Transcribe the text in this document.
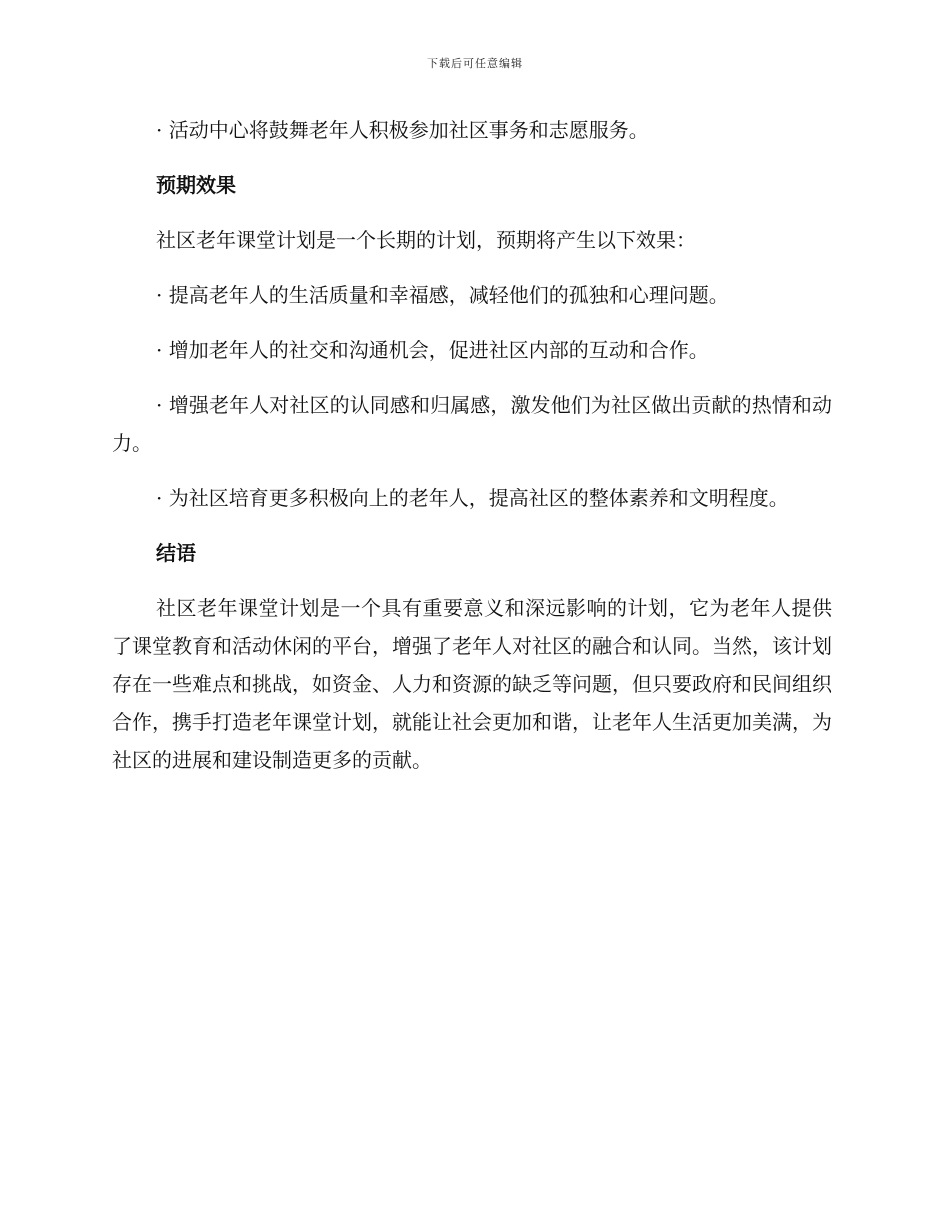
下载后可任意编辑

· 活动中心将鼓舞老年人积极参加社区事务和志愿服务。

预期效果

社区老年课堂计划是一个长期的计划，预期将产生以下效果：

· 提高老年人的生活质量和幸福感，减轻他们的孤独和心理问题。

· 增加老年人的社交和沟通机会，促进社区内部的互动和合作。

· 增强老年人对社区的认同感和归属感，激发他们为社区做出贡献的热情和动力。

· 为社区培育更多积极向上的老年人，提高社区的整体素养和文明程度。

结语

社区老年课堂计划是一个具有重要意义和深远影响的计划，它为老年人提供了课堂教育和活动休闲的平台，增强了老年人对社区的融合和认同。当然，该计划存在一些难点和挑战，如资金、人力和资源的缺乏等问题，但只要政府和民间组织合作，携手打造老年课堂计划，就能让社会更加和谐，让老年人生活更加美满，为社区的进展和建设制造更多的贡献。
